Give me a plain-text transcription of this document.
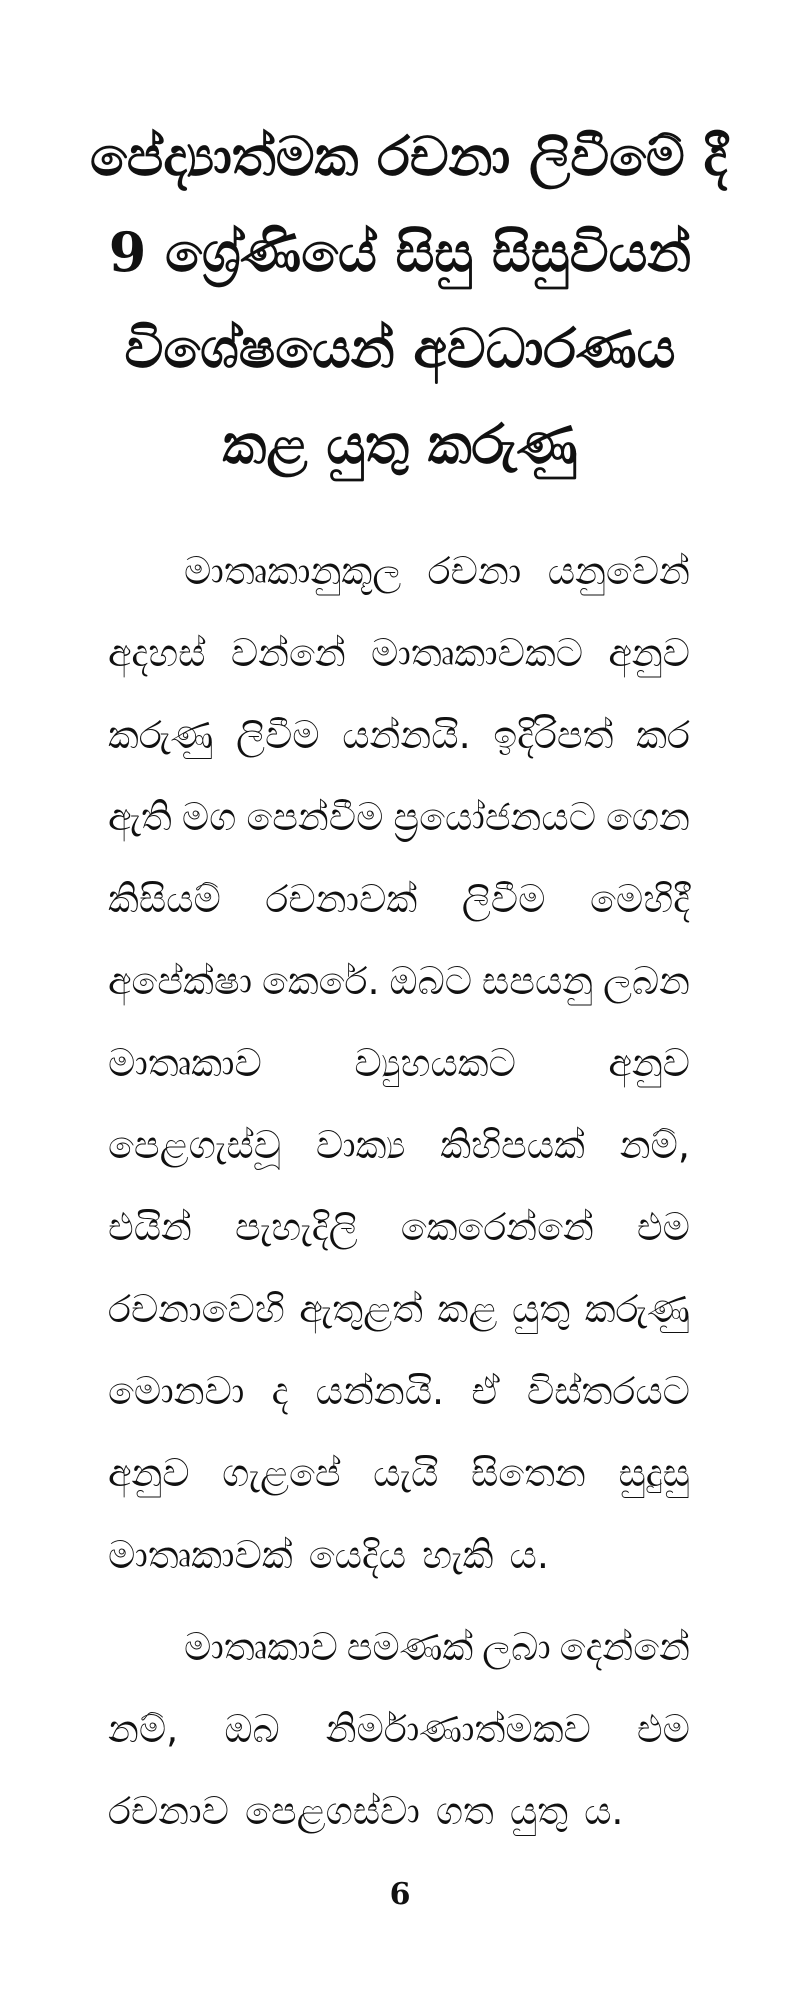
පේද්‍යාත්මක රචනා ලිවීමේ දී
9 ශ්‍රේණියේ සිසු සිසුවියන්
විශේෂයෙන් අවධාරණය
කළ යුතු කරුණු
මාතෘකානුකූල රචනා යනුවෙන්
අදහස් වන්නේ මාතෘකාවකට අනුව
කරුණු ලිවීම යන්නයි. ඉදිරිපත් කර
ඇති මග පෙන්වීම ප්‍රයෝජනයට ගෙන
කිසියම් රචනාවක් ලිවීම මෙහිදී
අපේක්ෂා කෙරේ. ඔබට සපයනු ලබන
මාතෘකාව ව්‍යුහයකට අනුව
පෙළගැස්වූ වාක්‍ය කිහිපයක් නම්,
එයින් පැහැදිලි කෙරෙන්නේ එම
රචනාවෙහි ඇතුළත් කළ යුතු කරුණු
මොනවා ද යන්නයි. ඒ විස්තරයට
අනුව ගැළපේ යැයි සිතෙන සුදුසු
මාතෘකාවක් යෙදිය හැකි ය.
මාතෘකාව පමණක් ලබා දෙන්නේ
නම්, ඔබ නිර්මාණාත්මකව එම
රචනාව පෙළගස්වා ගත යුතු ය.
6
